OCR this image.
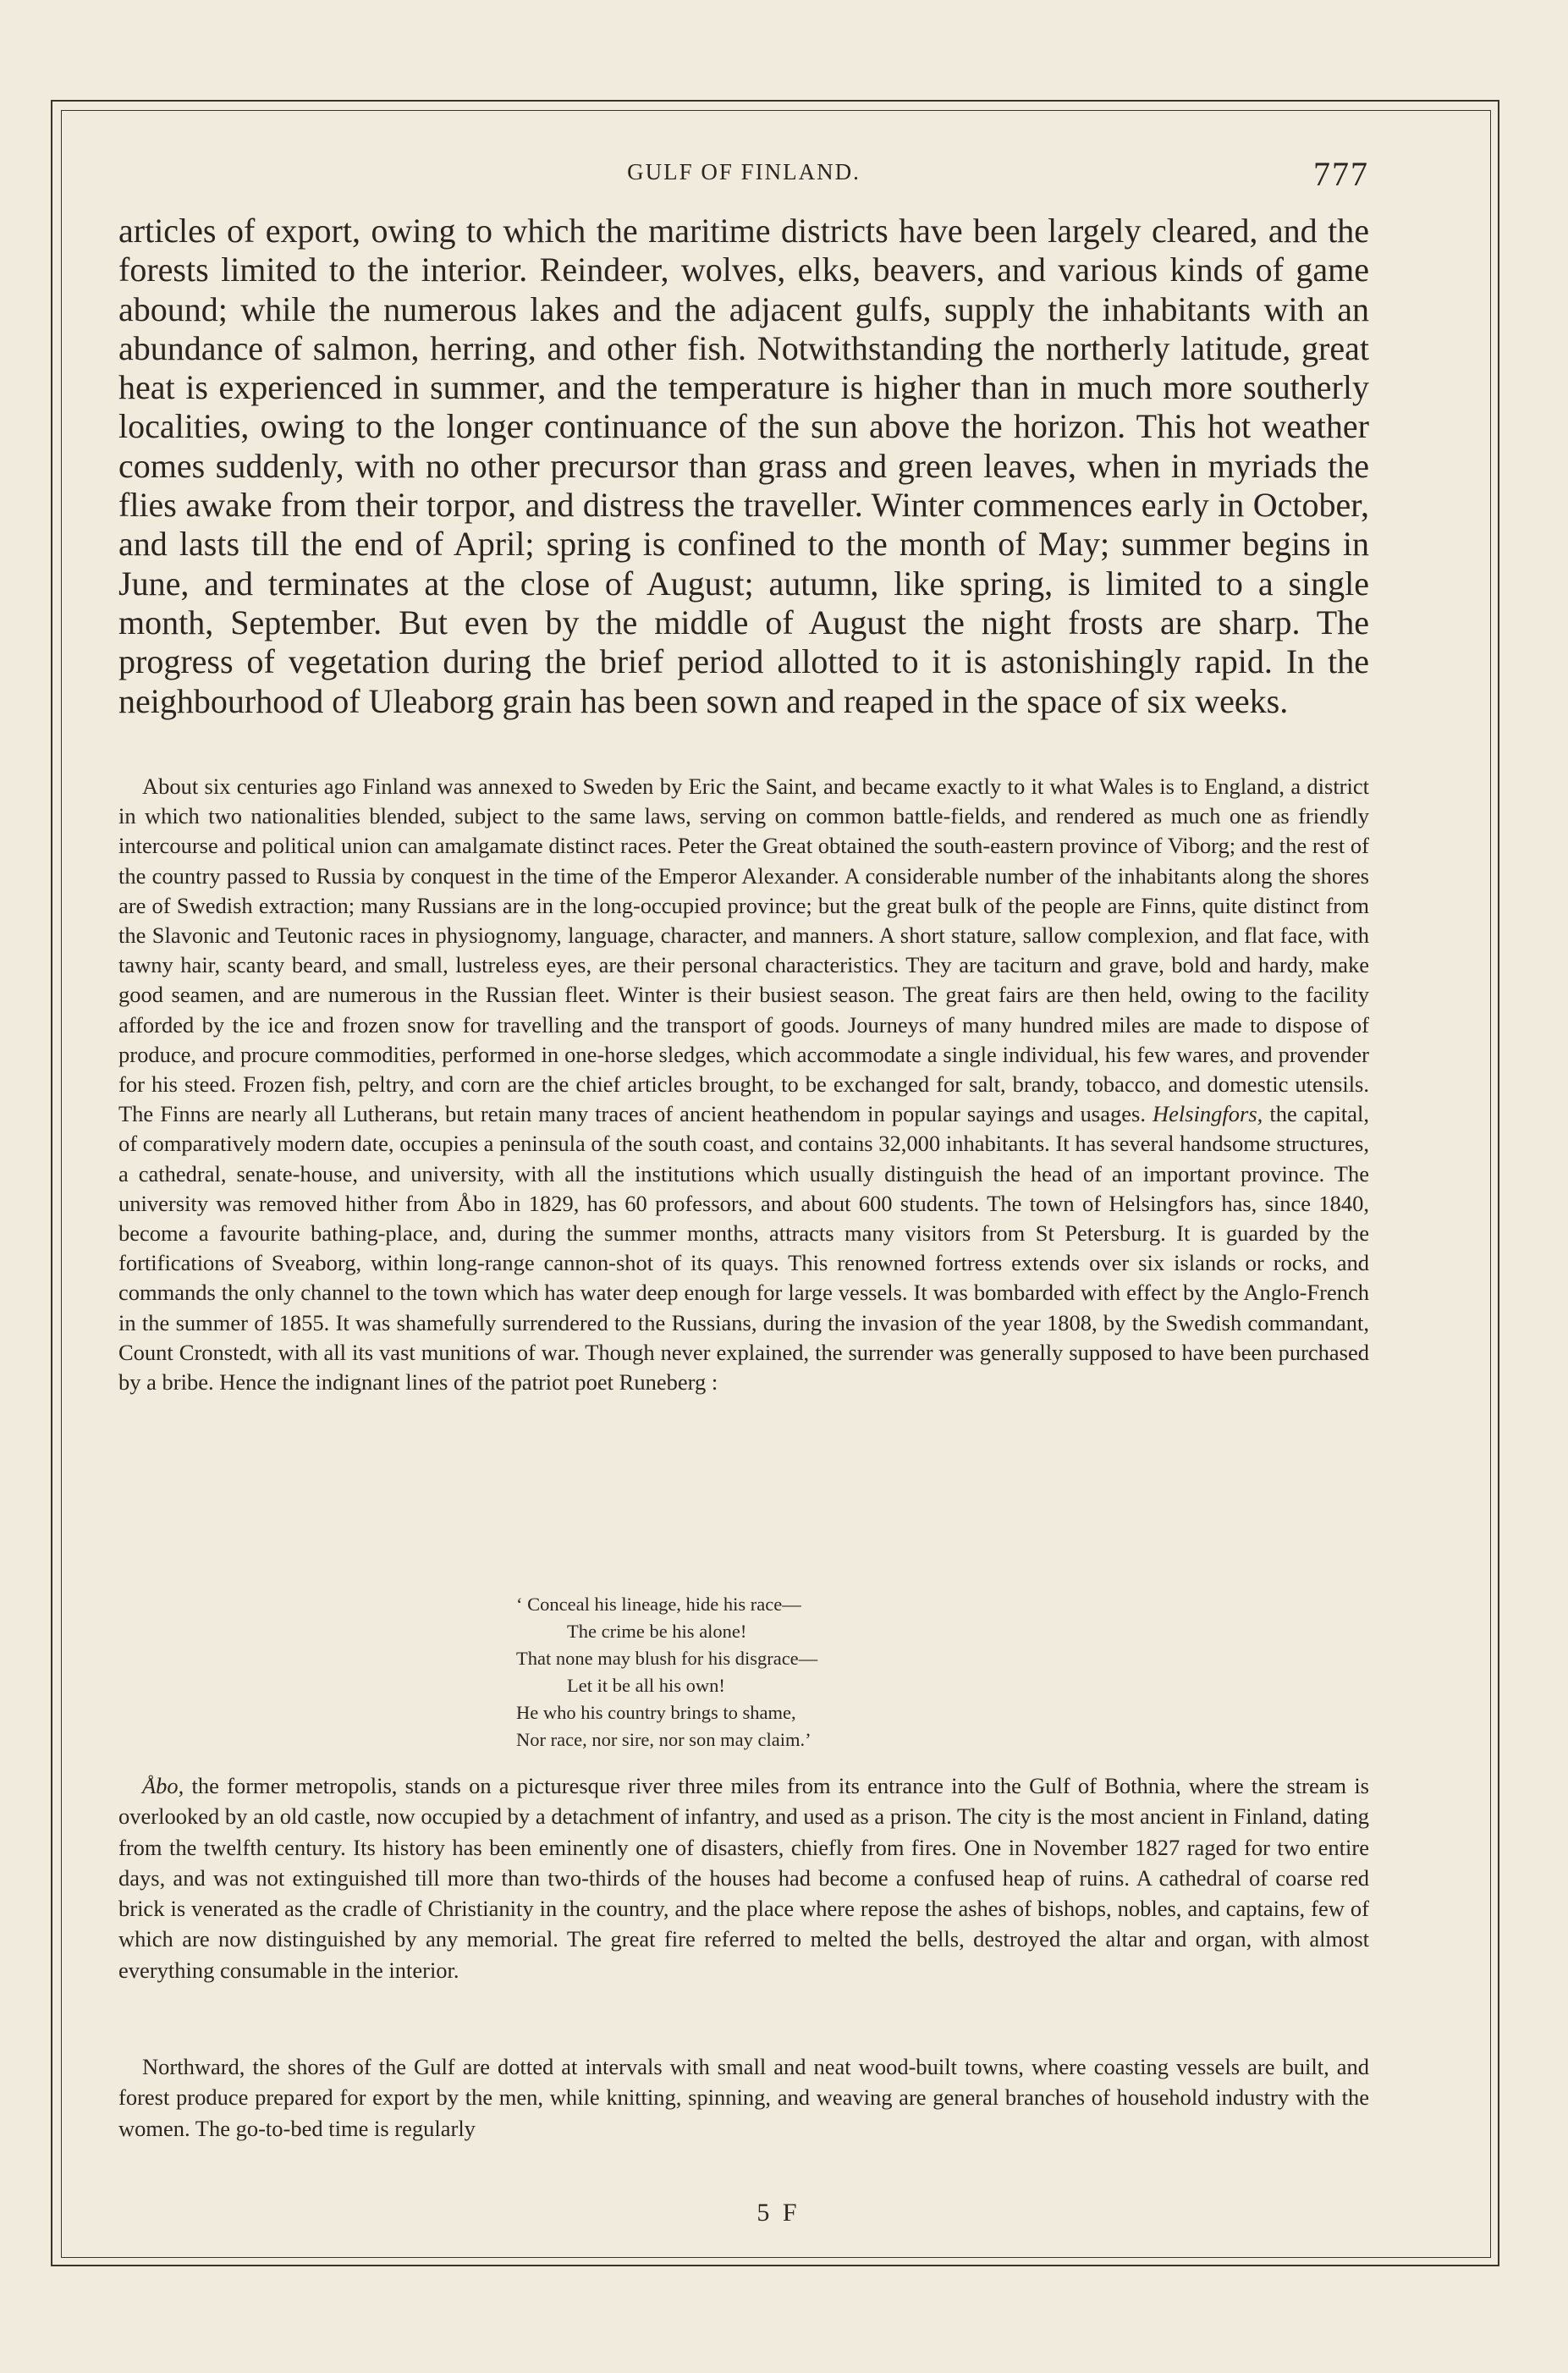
GULF OF FINLAND.	777

articles of export, owing to which the maritime districts have been largely cleared, and the forests limited to the interior. Reindeer, wolves, elks, beavers, and various kinds of game abound; while the numerous lakes and the adjacent gulfs, supply the inhabitants with an abundance of salmon, herring, and other fish. Notwithstanding the northerly latitude, great heat is experienced in summer, and the temperature is higher than in much more southerly localities, owing to the longer continuance of the sun above the horizon. This hot weather comes suddenly, with no other precursor than grass and green leaves, when in myriads the flies awake from their torpor, and distress the traveller. Winter commences early in October, and lasts till the end of April; spring is confined to the month of May; summer begins in June, and terminates at the close of August; autumn, like spring, is limited to a single month, September. But even by the middle of August the night frosts are sharp. The progress of vegetation during the brief period allotted to it is astonishingly rapid. In the neighbourhood of Uleaborg grain has been sown and reaped in the space of six weeks.

About six centuries ago Finland was annexed to Sweden by Eric the Saint, and became exactly to it what Wales is to England, a district in which two nationalities blended, subject to the same laws, serving on common battle-fields, and rendered as much one as friendly intercourse and political union can amalgamate distinct races. Peter the Great obtained the south-eastern province of Viborg; and the rest of the country passed to Russia by conquest in the time of the Emperor Alexander. A considerable number of the inhabitants along the shores are of Swedish extraction; many Russians are in the long-occupied province; but the great bulk of the people are Finns, quite distinct from the Slavonic and Teutonic races in physiognomy, language, character, and manners. A short stature, sallow complexion, and flat face, with tawny hair, scanty beard, and small, lustreless eyes, are their personal characteristics. They are taciturn and grave, bold and hardy, make good seamen, and are numerous in the Russian fleet. Winter is their busiest season. The great fairs are then held, owing to the facility afforded by the ice and frozen snow for travelling and the transport of goods. Journeys of many hundred miles are made to dispose of produce, and procure commodities, performed in one-horse sledges, which accommodate a single individual, his few wares, and provender for his steed. Frozen fish, peltry, and corn are the chief articles brought, to be exchanged for salt, brandy, tobacco, and domestic utensils. The Finns are nearly all Lutherans, but retain many traces of ancient heathendom in popular sayings and usages. Helsingfors, the capital, of comparatively modern date, occupies a peninsula of the south coast, and contains 32,000 inhabitants. It has several handsome structures, a cathedral, senate-house, and university, with all the institutions which usually distinguish the head of an important province. The university was removed hither from Åbo in 1829, has 60 professors, and about 600 students. The town of Helsingfors has, since 1840, become a favourite bathing-place, and, during the summer months, attracts many visitors from St Petersburg. It is guarded by the fortifications of Sveaborg, within long-range cannon-shot of its quays. This renowned fortress extends over six islands or rocks, and commands the only channel to the town which has water deep enough for large vessels. It was bombarded with effect by the Anglo-French in the summer of 1855. It was shamefully surrendered to the Russians, during the invasion of the year 1808, by the Swedish commandant, Count Cronstedt, with all its vast munitions of war. Though never explained, the surrender was generally supposed to have been purchased by a bribe. Hence the indignant lines of the patriot poet Runeberg :

‘ Conceal his lineage, hide his race—
The crime be his alone!
That none may blush for his disgrace—
Let it be all his own!
He who his country brings to shame,
Nor race, nor sire, nor son may claim.’

Åbo, the former metropolis, stands on a picturesque river three miles from its entrance into the Gulf of Bothnia, where the stream is overlooked by an old castle, now occupied by a detachment of infantry, and used as a prison. The city is the most ancient in Finland, dating from the twelfth century. Its history has been eminently one of disasters, chiefly from fires. One in November 1827 raged for two entire days, and was not extinguished till more than two-thirds of the houses had become a confused heap of ruins. A cathedral of coarse red brick is venerated as the cradle of Christianity in the country, and the place where repose the ashes of bishops, nobles, and captains, few of which are now distinguished by any memorial. The great fire referred to melted the bells, destroyed the altar and organ, with almost everything consumable in the interior.

Northward, the shores of the Gulf are dotted at intervals with small and neat wood-built towns, where coasting vessels are built, and forest produce prepared for export by the men, while knitting, spinning, and weaving are general branches of household industry with the women. The go-to-bed time is regularly

5 F
